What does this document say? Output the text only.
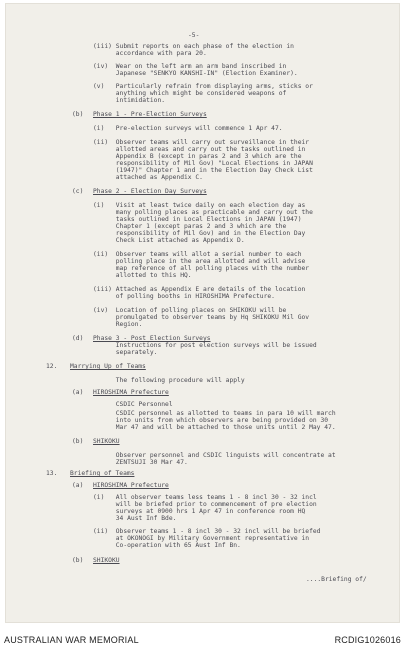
-5-
(iii) Submit reports on each phase of the election in
accordance with para 20.
(iv)  Wear on the left arm an arm band inscribed in
Japanese "SENKYO KANSHI-IN" (Election Examiner).
(v)   Particularly refrain from displaying arms, sticks or
anything which might be considered weapons of
intimidation.
(b) Phase 1 - Pre-Election Surveys
(i)   Pre-election surveys will commence 1 Apr 47.
(ii)  Observer teams will carry out surveillance in their
allotted areas and carry out the tasks outlined in
Appendix B (except in paras 2 and 3 which are the
responsibility of Mil Gov) "Local Elections in JAPAN
(1947)" Chapter 1 and in the Election Day Check List
attached as Appendix C.
(c) Phase 2 - Election Day Surveys
(i)   Visit at least twice daily on each election day as
many polling places as practicable and carry out the
tasks outlined in Local Elections in JAPAN (1947)
Chapter 1 (except paras 2 and 3 which are the
responsibility of Mil Gov) and in the Election Day
Check List attached as Appendix D.
(ii)  Observer teams will allot a serial number to each
polling place in the area allotted and will advise
map reference of all polling places with the number
allotted to this HQ.
(iii) Attached as Appendix E are details of the location
of polling booths in HIROSHIMA Prefecture.
(iv)  Location of polling places on SHIKOKU will be
promulgated to observer teams by Hq SHIKOKU Mil Gov
Region.
(d) Phase 3 - Post Election Surveys
Instructions for post election surveys will be issued
separately.
12. Marrying Up of Teams
The following procedure will apply
(a) HIROSHIMA Prefecture
CSDIC Personnel
CSDIC personnel as allotted to teams in para 10 will march
into units from which observers are being provided on 30
Mar 47 and will be attached to those units until 2 May 47.
(b) SHIKOKU
Observer personnel and CSDIC linguists will concentrate at
ZENTSUJI 30 Mar 47.
13. Briefing of Teams
(a) HIROSHIMA Prefecture
(i)   All observer teams less teams 1 - 8 incl 30 - 32 incl
will be briefed prior to commencement of pre election
surveys at 0900 hrs 1 Apr 47 in conference room HQ
34 Aust Inf Bde.
(ii)  Observer teams 1 - 8 incl 30 - 32 incl will be briefed
at OKONOGI by Military Government representative in
Co-operation with 65 Aust Inf Bn.
(b) SHIKOKU
....Briefing of/
AUSTRALIAN WAR MEMORIAL	RCDIG1026016
